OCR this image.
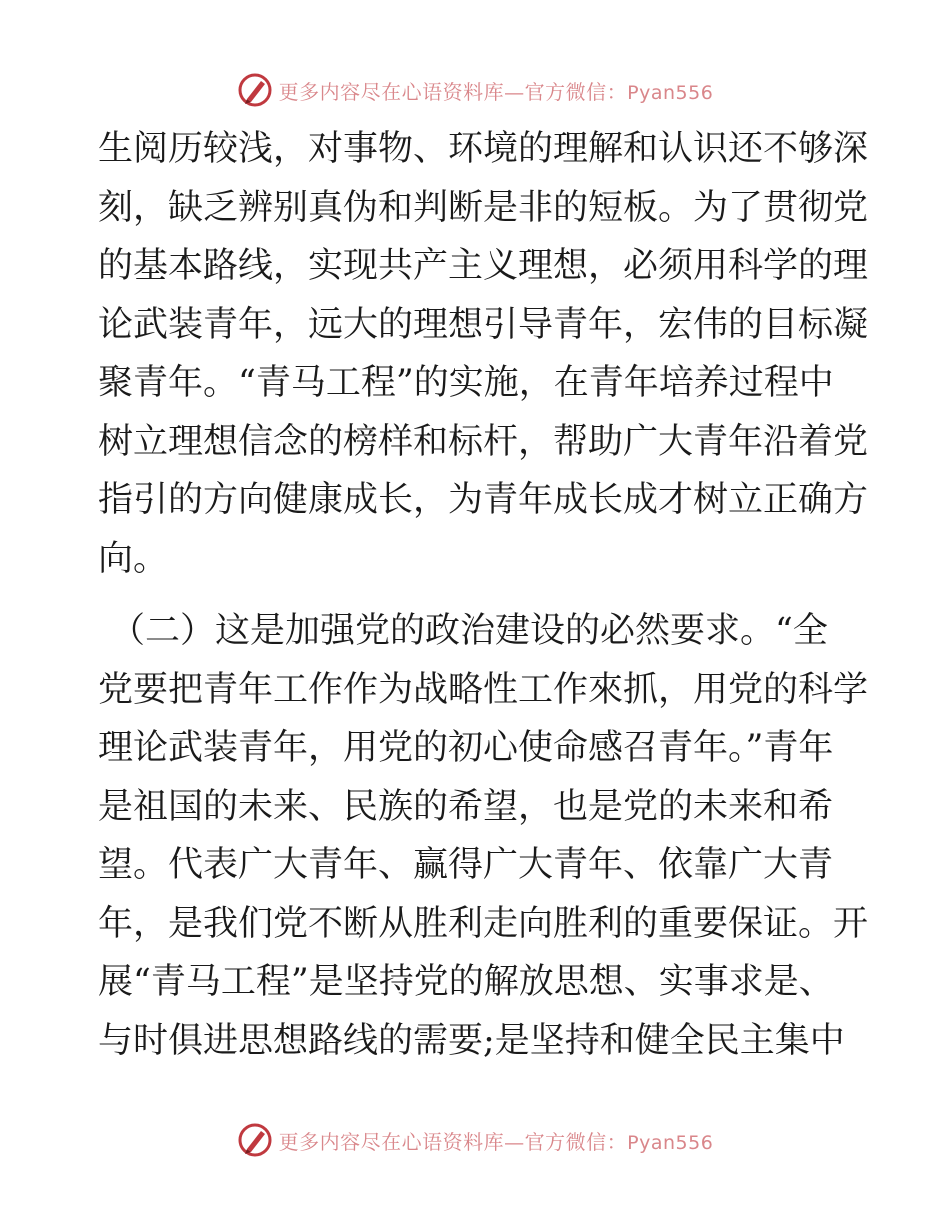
更多内容尽在心语资料库—官方微信：Pyan556
生阅历较浅，对事物、环境的理解和认识还不够深
刻，缺乏辨别真伪和判断是非的短板。为了贯彻党
的基本路线，实现共产主义理想，必须用科学的理
论武装青年，远大的理想引导青年，宏伟的目标凝
聚青年。“青马工程”的实施，在青年培养过程中
树立理想信念的榜样和标杆，帮助广大青年沿着党
指引的方向健康成长，为青年成长成才树立正确方
向。
（二）这是加强党的政治建设的必然要求。“全
党要把青年工作作为战略性工作來抓，用党的科学
理论武装青年，用党的初心使命感召青年。”青年
是祖国的未来、民族的希望，也是党的未来和希
望。代表广大青年、赢得广大青年、依靠广大青
年，是我们党不断从胜利走向胜利的重要保证。开
展“青马工程”是坚持党的解放思想、实事求是、
与时俱进思想路线的需要;是坚持和健全民主集中
更多内容尽在心语资料库—官方微信：Pyan556
